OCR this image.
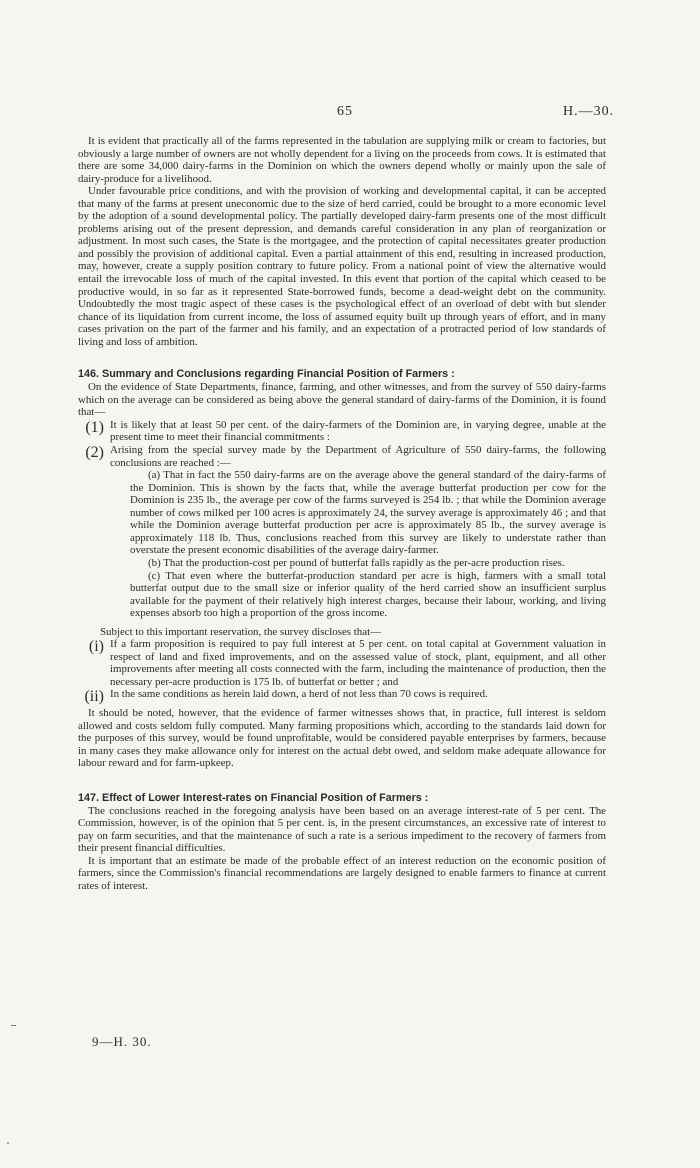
65	H.—30.

It is evident that practically all of the farms represented in the tabulation are supplying milk or cream to factories, but obviously a large number of owners are not wholly dependent for a living on the proceeds from cows. It is estimated that there are some 34,000 dairy-farms in the Dominion on which the owners depend wholly or mainly upon the sale of dairy-produce for a livelihood.

Under favourable price conditions, and with the provision of working and developmental capital, it can be accepted that many of the farms at present uneconomic due to the size of herd carried, could be brought to a more economic level by the adoption of a sound developmental policy. The partially developed dairy-farm presents one of the most difficult problems arising out of the present depression, and demands careful consideration in any plan of reorganization or adjustment. In most such cases, the State is the mortgagee, and the protection of capital necessitates greater production and possibly the provision of additional capital. Even a partial attainment of this end, resulting in increased production, may, however, create a supply position contrary to future policy. From a national point of view the alternative would entail the irrevocable loss of much of the capital invested. In this event that portion of the capital which ceased to be productive would, in so far as it represented State-borrowed funds, become a dead-weight debt on the community. Undoubtedly the most tragic aspect of these cases is the psychological effect of an overload of debt with but slender chance of its liquidation from current income, the loss of assumed equity built up through years of effort, and in many cases privation on the part of the farmer and his family, and an expectation of a protracted period of low standards of living and loss of ambition.

146. Summary and Conclusions regarding Financial Position of Farmers :

On the evidence of State Departments, finance, farming, and other witnesses, and from the survey of 550 dairy-farms which on the average can be considered as being above the general standard of dairy-farms of the Dominion, it is found that—

(1) It is likely that at least 50 per cent. of the dairy-farmers of the Dominion are, in varying degree, unable at the present time to meet their financial commitments :

(2) Arising from the special survey made by the Department of Agriculture of 550 dairy-farms, the following conclusions are reached :—

(a) That in fact the 550 dairy-farms are on the average above the general standard of the dairy-farms of the Dominion. This is shown by the facts that, while the average butterfat production per cow for the Dominion is 235 lb., the average per cow of the farms surveyed is 254 lb. ; that while the Dominion average number of cows milked per 100 acres is approximately 24, the survey average is approximately 46 ; and that while the Dominion average butterfat production per acre is approximately 85 lb., the survey average is approximately 118 lb. Thus, conclusions reached from this survey are likely to understate rather than overstate the present economic disabilities of the average dairy-farmer.

(b) That the production-cost per pound of butterfat falls rapidly as the per-acre production rises.

(c) That even where the butterfat-production standard per acre is high, farmers with a small total butterfat output due to the small size or inferior quality of the herd carried show an insufficient surplus available for the payment of their relatively high interest charges, because their labour, working, and living expenses absorb too high a proportion of the gross income.

Subject to this important reservation, the survey discloses that—

(i) If a farm proposition is required to pay full interest at 5 per cent. on total capital at Government valuation in respect of land and fixed improvements, and on the assessed value of stock, plant, equipment, and all other improvements after meeting all costs connected with the farm, including the maintenance of production, then the necessary per-acre production is 175 lb. of butterfat or better ; and

(ii) In the same conditions as herein laid down, a herd of not less than 70 cows is required.

It should be noted, however, that the evidence of farmer witnesses shows that, in practice, full interest is seldom allowed and costs seldom fully computed. Many farming propositions which, according to the standards laid down for the purposes of this survey, would be found unprofitable, would be considered payable enterprises by farmers, because in many cases they make allowance only for interest on the actual debt owed, and seldom make adequate allowance for labour reward and for farm-upkeep.

147. Effect of Lower Interest-rates on Financial Position of Farmers :

The conclusions reached in the foregoing analysis have been based on an average interest-rate of 5 per cent. The Commission, however, is of the opinion that 5 per cent. is, in the present circumstances, an excessive rate of interest to pay on farm securities, and that the maintenance of such a rate is a serious impediment to the recovery of farmers from their present financial difficulties.

It is important that an estimate be made of the probable effect of an interest reduction on the economic position of farmers, since the Commission's financial recommendations are largely designed to enable farmers to finance at current rates of interest.

9—H. 30.
